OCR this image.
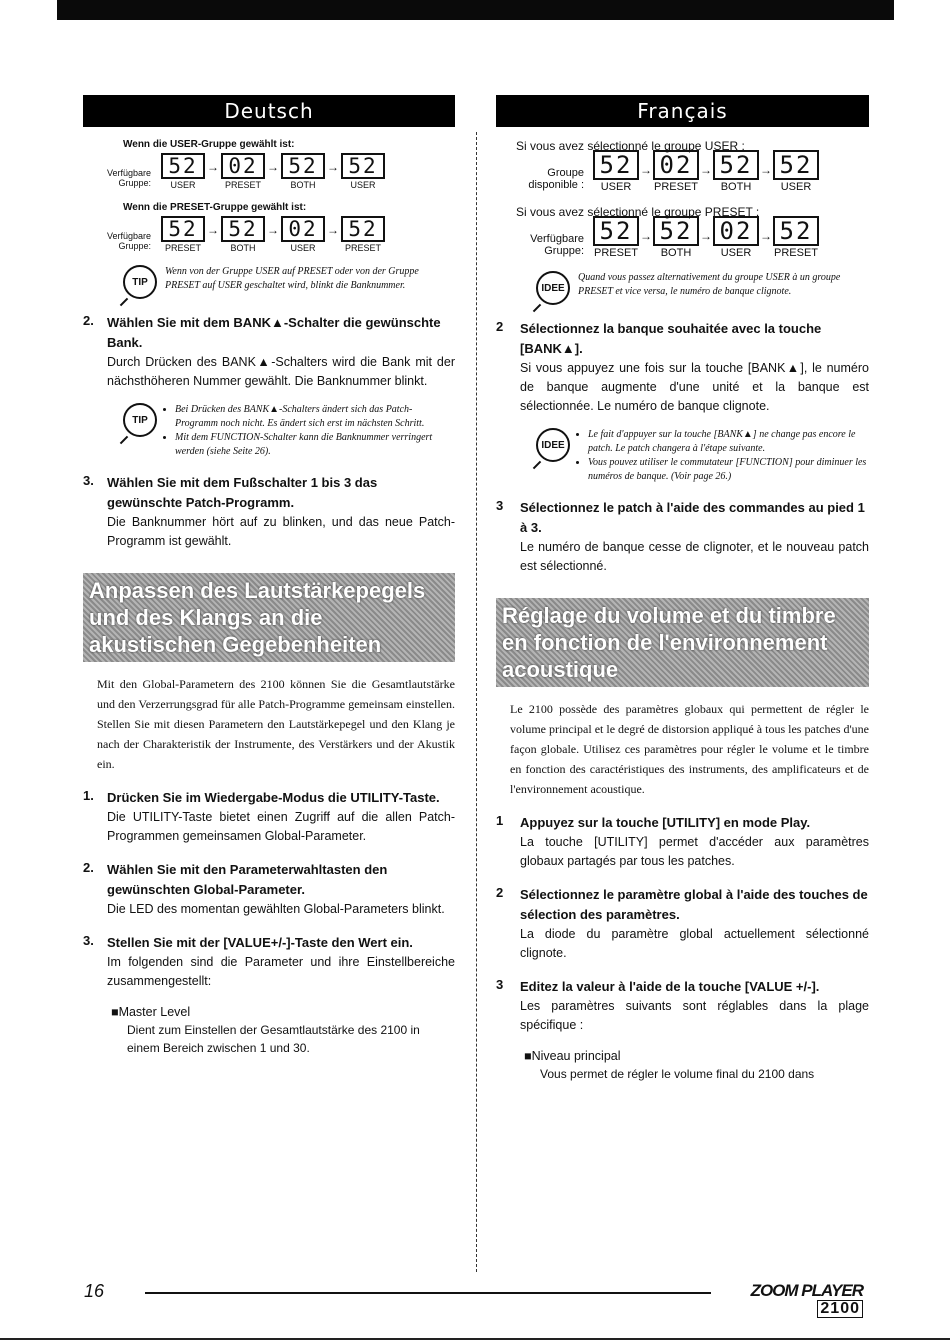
Deutsch
Wenn die USER-Gruppe gewählt ist:
Verfügbare Gruppe:
52
USER
→ 02
PRESET
→ 52
BOTH
→ 52
USER
Wenn die PRESET-Gruppe gewählt ist:
Verfügbare Gruppe:
52
PRESET
→ 52
BOTH
→ 02
USER
→ 52
PRESET
TIP
Wenn von der Gruppe USER auf PRESET oder von der Gruppe PRESET auf USER geschaltet wird, blinkt die Banknummer.
2.	Wählen Sie mit dem BANK▲-Schalter die gewünschte Bank.
Durch Drücken des BANK▲-Schalters wird die Bank mit der nächsthöheren Nummer gewählt. Die Banknummer blinkt.
TIP
• Bei Drücken des BANK▲-Schalters ändert sich das Patch-Programm noch nicht. Es ändert sich erst im nächsten Schritt.
• Mit dem FUNCTION-Schalter kann die Banknummer verringert werden (siehe Seite 26).
3.	Wählen Sie mit dem Fußschalter 1 bis 3 das gewünschte Patch-Programm.
Die Banknummer hört auf zu blinken, und das neue Patch-Programm ist gewählt.
Anpassen des Lautstärkepegels und des Klangs an die akustischen Gegebenheiten
Mit den Global-Parametern des 2100 können Sie die Gesamtlautstärke und den Verzerrungsgrad für alle Patch-Programme gemeinsam einstellen. Stellen Sie mit diesen Parametern den Lautstärkepegel und den Klang je nach der Charakteristik der Instrumente, des Verstärkers und der Akustik ein.
1.	Drücken Sie im Wiedergabe-Modus die UTILITY-Taste.
Die UTILITY-Taste bietet einen Zugriff auf die allen Patch-Programmen gemeinsamen Global-Parameter.
2.	Wählen Sie mit den Parameterwahltasten den gewünschten Global-Parameter.
Die LED des momentan gewählten Global-Parameters blinkt.
3.	Stellen Sie mit der [VALUE+/-]-Taste den Wert ein.
Im folgenden sind die Parameter und ihre Einstellbereiche zusammengestellt:
■ Master Level
Dient zum Einstellen der Gesamtlautstärke des 2100 in einem Bereich zwischen 1 und 30.
Français
Si vous avez sélectionné le groupe USER :
Groupe disponible :
52
USER
→ 02
PRESET
→ 52
BOTH
→ 52
USER
Si vous avez sélectionné le groupe PRESET :
Verfügbare Gruppe:
52
PRESET
→ 52
BOTH
→ 02
USER
→ 52
PRESET
IDEE
Quand vous passez alternativement du groupe USER à un groupe PRESET et vice versa, le numéro de banque clignote.
2	Sélectionnez la banque souhaitée avec la touche [BANK▲].
Si vous appuyez une fois sur la touche [BANK▲], le numéro de banque augmente d'une unité et la banque est sélectionnée. Le numéro de banque clignote.
IDEE
• Le fait d'appuyer sur la touche [BANK▲] ne change pas encore le patch. Le patch changera à l'étape suivante.
• Vous pouvez utiliser le commutateur [FUNCTION] pour diminuer les numéros de banque. (Voir page 26.)
3	Sélectionnez le patch à l'aide des commandes au pied 1 à 3.
Le numéro de banque cesse de clignoter, et le nouveau patch est sélectionné.
Réglage du volume et du timbre en fonction de l'environnement acoustique
Le 2100 possède des paramètres globaux qui permettent de régler le volume principal et le degré de distorsion appliqué à tous les patches d'une façon globale. Utilisez ces paramètres pour régler le volume et le timbre en fonction des caractéristiques des instruments, des amplificateurs et de l'environnement acoustique.
1	Appuyez sur la touche [UTILITY] en mode Play.
La touche [UTILITY] permet d'accéder aux paramètres globaux partagés par tous les patches.
2	Sélectionnez le paramètre global à l'aide des touches de sélection des paramètres.
La diode du paramètre global actuellement sélectionné clignote.
3	Editez la valeur à l'aide de la touche [VALUE +/-].
Les paramètres suivants sont réglables dans la plage spécifique :
■ Niveau principal
Vous permet de régler le volume final du 2100 dans
16	ZOOM PLAYER
2100
